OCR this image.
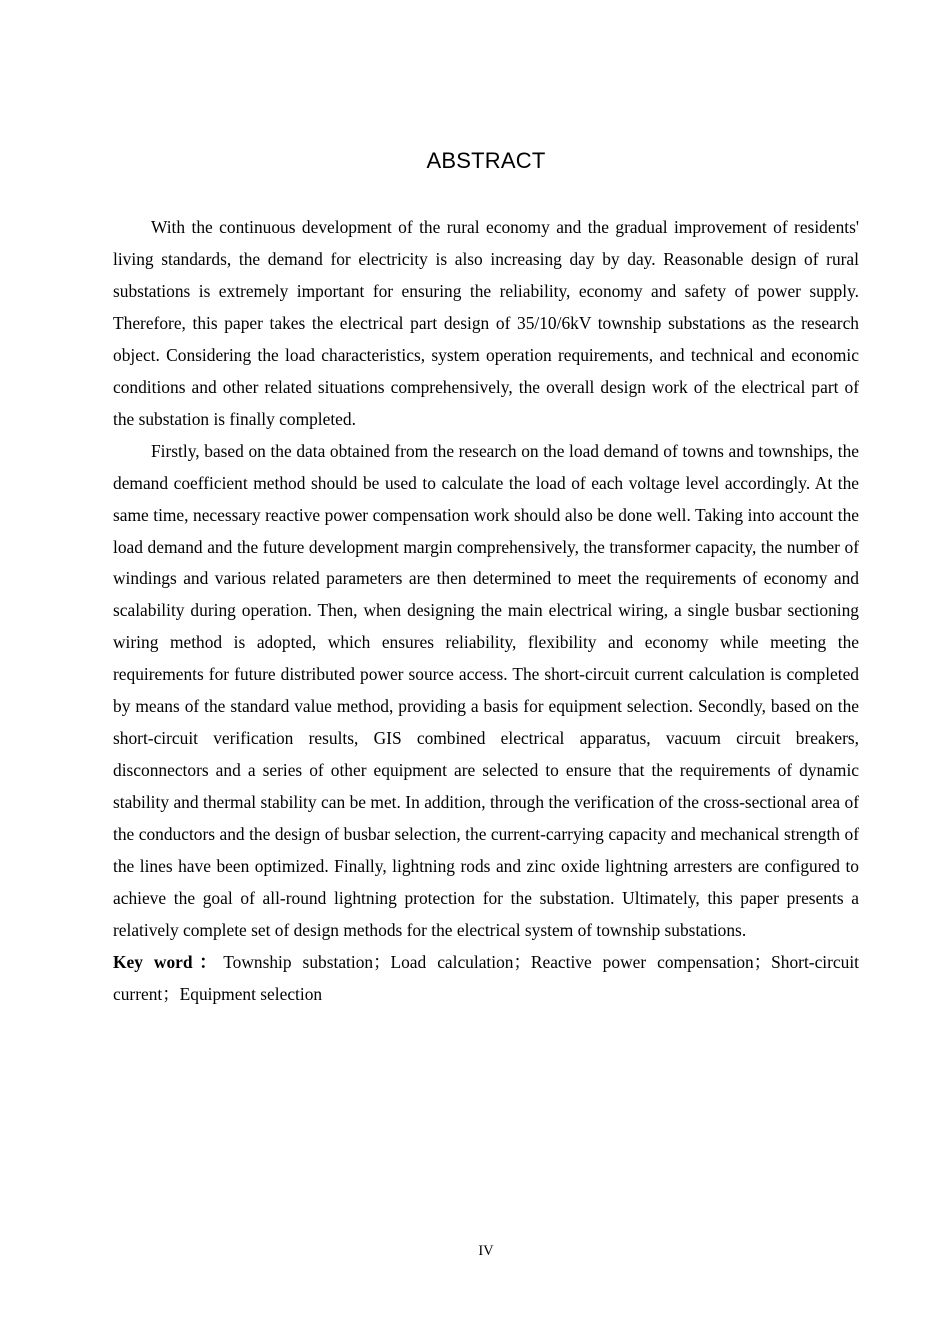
ABSTRACT

With the continuous development of the rural economy and the gradual improvement of residents' living standards, the demand for electricity is also increasing day by day. Reasonable design of rural substations is extremely important for ensuring the reliability, economy and safety of power supply. Therefore, this paper takes the electrical part design of 35/10/6kV township substations as the research object. Considering the load characteristics, system operation requirements, and technical and economic conditions and other related situations comprehensively, the overall design work of the electrical part of the substation is finally completed.

Firstly, based on the data obtained from the research on the load demand of towns and townships, the demand coefficient method should be used to calculate the load of each voltage level accordingly. At the same time, necessary reactive power compensation work should also be done well. Taking into account the load demand and the future development margin comprehensively, the transformer capacity, the number of windings and various related parameters are then determined to meet the requirements of economy and scalability during operation. Then, when designing the main electrical wiring, a single busbar sectioning wiring method is adopted, which ensures reliability, flexibility and economy while meeting the requirements for future distributed power source access. The short-circuit current calculation is completed by means of the standard value method, providing a basis for equipment selection. Secondly, based on the short-circuit verification results, GIS combined electrical apparatus, vacuum circuit breakers, disconnectors and a series of other equipment are selected to ensure that the requirements of dynamic stability and thermal stability can be met. In addition, through the verification of the cross-sectional area of the conductors and the design of busbar selection, the current-carrying capacity and mechanical strength of the lines have been optimized. Finally, lightning rods and zinc oxide lightning arresters are configured to achieve the goal of all-round lightning protection for the substation. Ultimately, this paper presents a relatively complete set of design methods for the electrical system of township substations.

Key word：Township substation；Load calculation；Reactive power compensation；Short-circuit current；Equipment selection

IV
